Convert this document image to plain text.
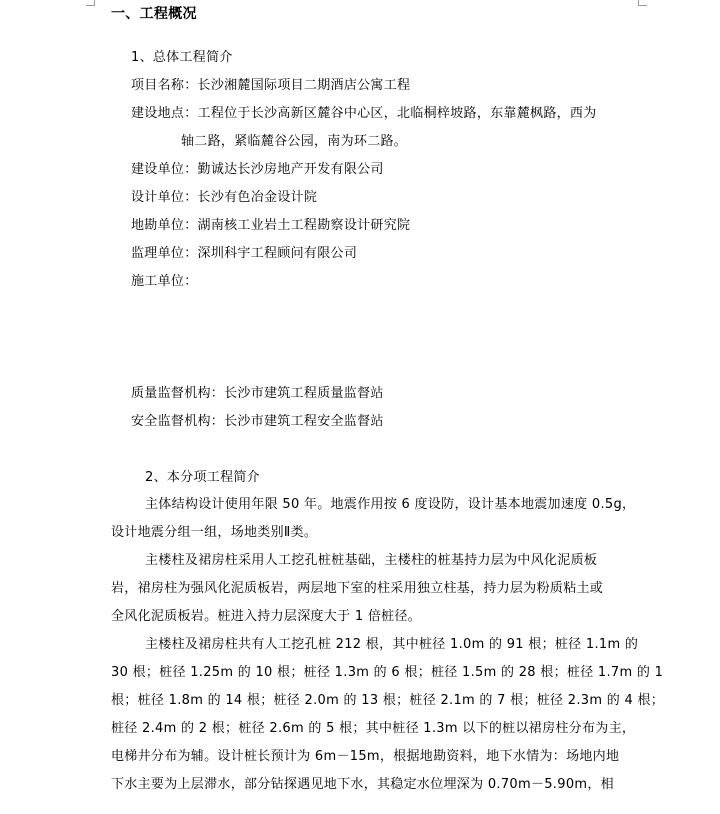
一、工程概况
1、总体工程简介
项目名称：长沙湘麓国际项目二期酒店公寓工程
建设地点：工程位于长沙高新区麓谷中心区，北临桐梓坡路，东靠麓枫路，西为
轴二路，紧临麓谷公园，南为环二路。
建设单位：勤诚达长沙房地产开发有限公司
设计单位：长沙有色冶金设计院
地勘单位：湖南核工业岩土工程勘察设计研究院
监理单位：深圳科宇工程顾问有限公司
施工单位：
质量监督机构：长沙市建筑工程质量监督站
安全监督机构：长沙市建筑工程安全监督站
2、本分项工程简介
主体结构设计使用年限 50 年。地震作用按 6 度设防，设计基本地震加速度 0.5g，
设计地震分组一组，场地类别Ⅱ类。
主楼柱及裙房柱采用人工挖孔桩桩基础，主楼柱的桩基持力层为中风化泥质板
岩，裙房柱为强风化泥质板岩，两层地下室的柱采用独立柱基，持力层为粉质粘土或
全风化泥质板岩。桩进入持力层深度大于 1 倍桩径。
主楼柱及裙房柱共有人工挖孔桩 212 根，其中桩径 1.0m 的 91 根；桩径 1.1m 的
30 根；桩径 1.25m 的 10 根；桩径 1.3m 的 6 根；桩径 1.5m 的 28 根；桩径 1.7m 的 1
根；桩径 1.8m 的 14 根；桩径 2.0m 的 13 根；桩径 2.1m 的 7 根；桩径 2.3m 的 4 根；
桩径 2.4m 的 2 根；桩径 2.6m 的 5 根；其中桩径 1.3m 以下的桩以裙房柱分布为主，
电梯井分布为辅。设计桩长预计为 6m－15m，根据地勘资料，地下水情为：场地内地
下水主要为上层滞水，部分钻探遇见地下水，其稳定水位埋深为 0.70m－5.90m，相
